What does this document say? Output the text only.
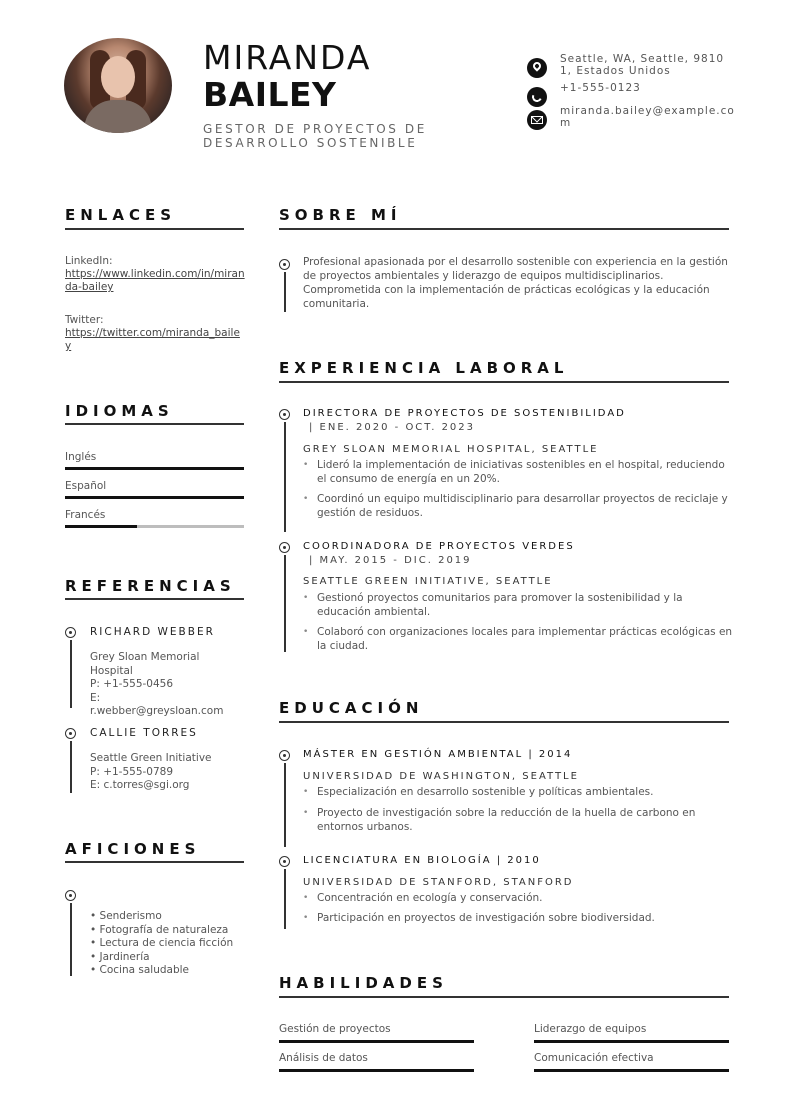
MIRANDA
BAILEY
GESTOR DE PROYECTOS DE DESARROLLO SOSTENIBLE
Seattle, WA, Seattle, 98101, Estados Unidos
+1-555-0123
miranda.bailey@example.com
ENLACES
LinkedIn:
https://www.linkedin.com/in/miranda-bailey
Twitter:
https://twitter.com/miranda_bailey
IDIOMAS
Inglés
Español
Francés
REFERENCIAS
RICHARD WEBBER
Grey Sloan Memorial Hospital
P: +1-555-0456
E: r.webber@greysloan.com
CALLIE TORRES
Seattle Green Initiative
P: +1-555-0789
E: c.torres@sgi.org
AFICIONES
• Senderismo
• Fotografía de naturaleza
• Lectura de ciencia ficción
• Jardinería
• Cocina saludable
SOBRE MÍ
Profesional apasionada por el desarrollo sostenible con experiencia en la gestión de proyectos ambientales y liderazgo de equipos multidisciplinarios. Comprometida con la implementación de prácticas ecológicas y la educación comunitaria.
EXPERIENCIA LABORAL
DIRECTORA DE PROYECTOS DE SOSTENIBILIDAD
| ENE. 2020 - OCT. 2023
GREY SLOAN MEMORIAL HOSPITAL, SEATTLE
• Lideró la implementación de iniciativas sostenibles en el hospital, reduciendo el consumo de energía en un 20%.
• Coordinó un equipo multidisciplinario para desarrollar proyectos de reciclaje y gestión de residuos.
COORDINADORA DE PROYECTOS VERDES
| MAY. 2015 - DIC. 2019
SEATTLE GREEN INITIATIVE, SEATTLE
• Gestionó proyectos comunitarios para promover la sostenibilidad y la educación ambiental.
• Colaboró con organizaciones locales para implementar prácticas ecológicas en la ciudad.
EDUCACIÓN
MÁSTER EN GESTIÓN AMBIENTAL | 2014
UNIVERSIDAD DE WASHINGTON, SEATTLE
• Especialización en desarrollo sostenible y políticas ambientales.
• Proyecto de investigación sobre la reducción de la huella de carbono en entornos urbanos.
LICENCIATURA EN BIOLOGÍA | 2010
UNIVERSIDAD DE STANFORD, STANFORD
• Concentración en ecología y conservación.
• Participación en proyectos de investigación sobre biodiversidad.
HABILIDADES
Gestión de proyectos	Liderazgo de equipos
Análisis de datos	Comunicación efectiva
